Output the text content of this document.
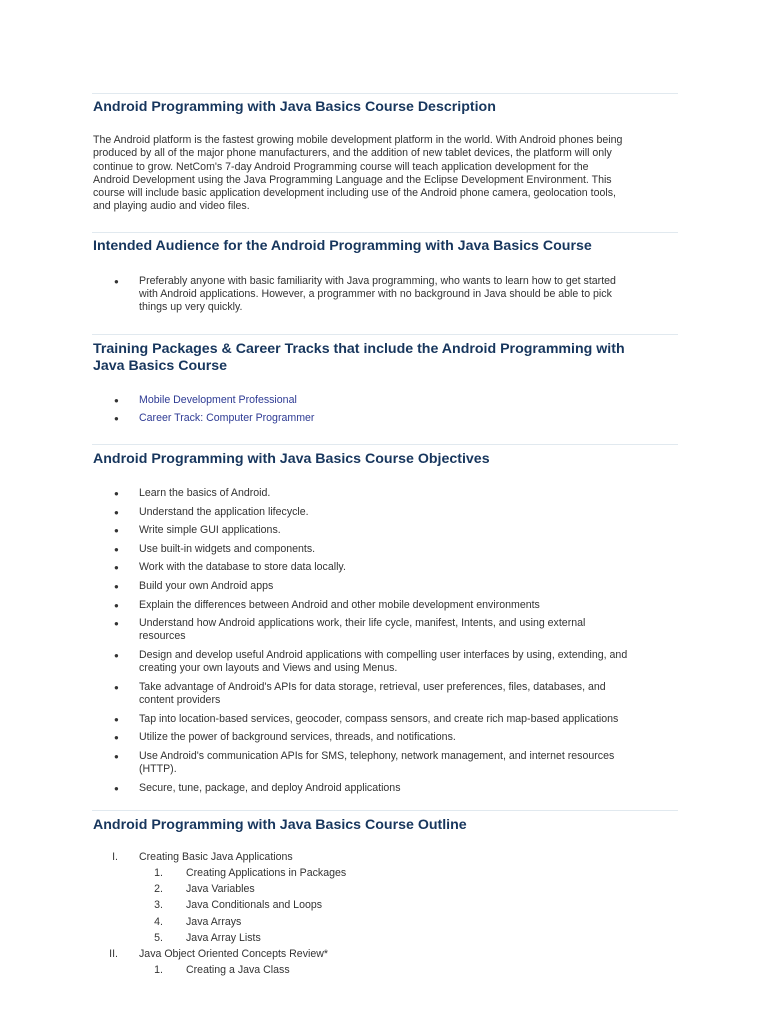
Android Programming with Java Basics Course Description
The Android platform is the fastest growing mobile development platform in the world. With Android phones being
produced by all of the major phone manufacturers, and the addition of new tablet devices, the platform will only
continue to grow. NetCom's 7-day Android Programming course will teach application development for the
Android Development using the Java Programming Language and the Eclipse Development Environment. This
course will include basic application development including use of the Android phone camera, geolocation tools,
and playing audio and video files.
Intended Audience for the Android Programming with Java Basics Course
● Preferably anyone with basic familiarity with Java programming, who wants to learn how to get started
with Android applications. However, a programmer with no background in Java should be able to pick
things up very quickly.
Training Packages & Career Tracks that include the Android Programming with
Java Basics Course
● Mobile Development Professional
● Career Track: Computer Programmer
Android Programming with Java Basics Course Objectives
● Learn the basics of Android.
● Understand the application lifecycle.
● Write simple GUI applications.
● Use built-in widgets and components.
● Work with the database to store data locally.
● Build your own Android apps
● Explain the differences between Android and other mobile development environments
● Understand how Android applications work, their life cycle, manifest, Intents, and using external
resources
● Design and develop useful Android applications with compelling user interfaces by using, extending, and
creating your own layouts and Views and using Menus.
● Take advantage of Android's APIs for data storage, retrieval, user preferences, files, databases, and
content providers
● Tap into location-based services, geocoder, compass sensors, and create rich map-based applications
● Utilize the power of background services, threads, and notifications.
● Use Android's communication APIs for SMS, telephony, network management, and internet resources
(HTTP).
● Secure, tune, package, and deploy Android applications
Android Programming with Java Basics Course Outline
I. Creating Basic Java Applications
1. Creating Applications in Packages
2. Java Variables
3. Java Conditionals and Loops
4. Java Arrays
5. Java Array Lists
II. Java Object Oriented Concepts Review*
1. Creating a Java Class
